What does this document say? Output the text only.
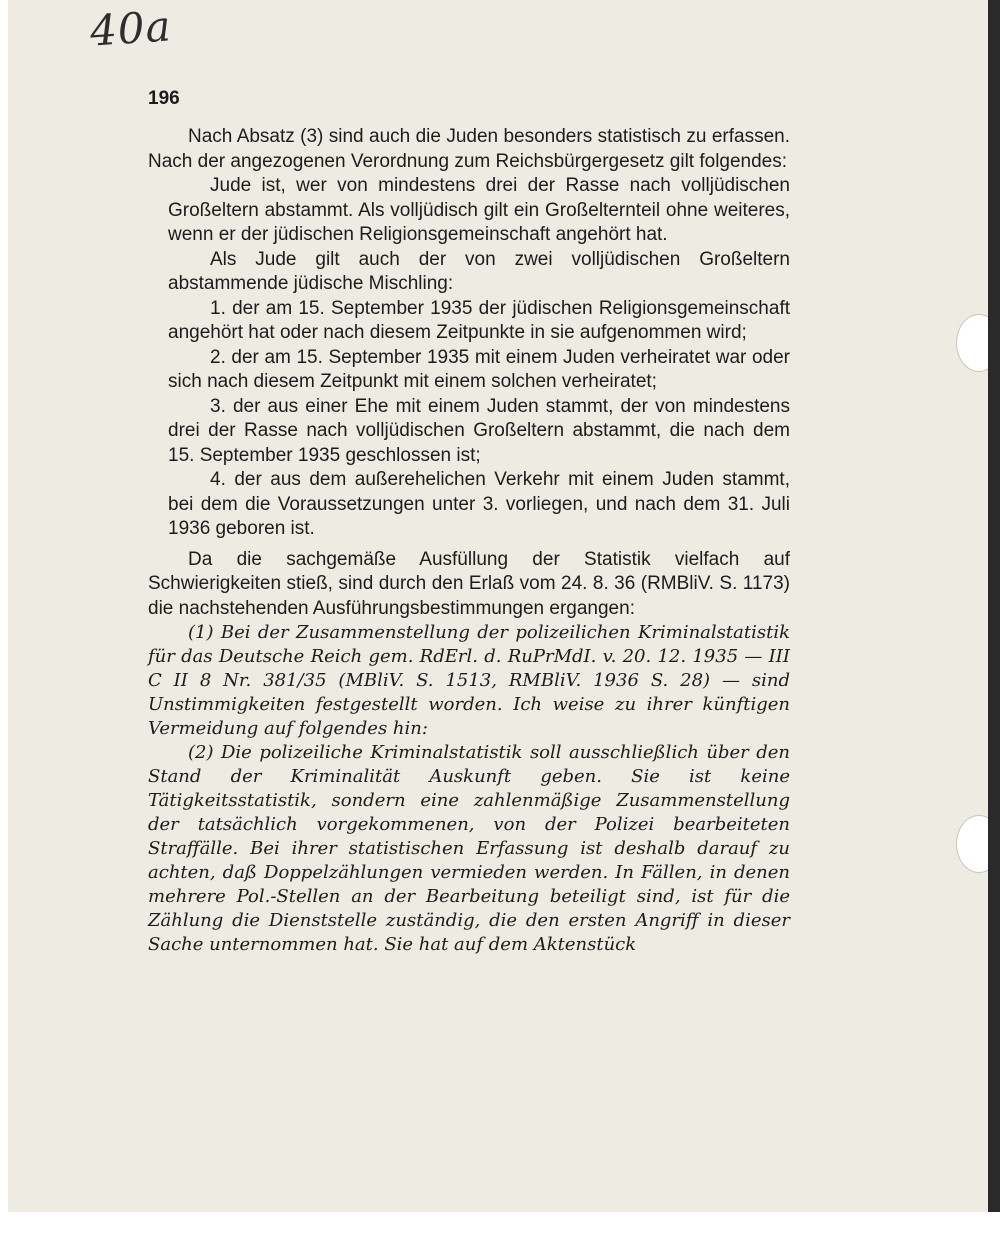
40a
196

Nach Absatz (3) sind auch die Juden besonders statistisch zu erfassen. Nach der angezogenen Verordnung zum Reichsbürgergesetz gilt folgendes:

Jude ist, wer von mindestens drei der Rasse nach volljüdischen Großeltern abstammt. Als volljüdisch gilt ein Großelternteil ohne weiteres, wenn er der jüdischen Religionsgemeinschaft angehört hat.

Als Jude gilt auch der von zwei volljüdischen Großeltern abstammende jüdische Mischling:

1. der am 15. September 1935 der jüdischen Religionsgemeinschaft angehört hat oder nach diesem Zeitpunkte in sie aufgenommen wird;

2. der am 15. September 1935 mit einem Juden verheiratet war oder sich nach diesem Zeitpunkt mit einem solchen verheiratet;

3. der aus einer Ehe mit einem Juden stammt, der von mindestens drei der Rasse nach volljüdischen Großeltern abstammt, die nach dem 15. September 1935 geschlossen ist;

4. der aus dem außerehelichen Verkehr mit einem Juden stammt, bei dem die Voraussetzungen unter 3. vorliegen, und nach dem 31. Juli 1936 geboren ist.

Da die sachgemäße Ausfüllung der Statistik vielfach auf Schwierigkeiten stieß, sind durch den Erlaß vom 24. 8. 36 (RMBliV. S. 1173) die nachstehenden Ausführungsbestimmungen ergangen:

(1) Bei der Zusammenstellung der polizeilichen Kriminalstatistik für das Deutsche Reich gem. RdErl. d. RuPrMdI. v. 20. 12. 1935 — III C II 8 Nr. 381/35 (MBliV. S. 1513, RMBliV. 1936 S. 28) — sind Unstimmigkeiten festgestellt worden. Ich weise zu ihrer künftigen Vermeidung auf folgendes hin:

(2) Die polizeiliche Kriminalstatistik soll ausschließlich über den Stand der Kriminalität Auskunft geben. Sie ist keine Tätigkeitsstatistik, sondern eine zahlenmäßige Zusammenstellung der tatsächlich vorgekommenen, von der Polizei bearbeiteten Straffälle. Bei ihrer statistischen Erfassung ist deshalb darauf zu achten, daß Doppelzählungen vermieden werden. In Fällen, in denen mehrere Pol.-Stellen an der Bearbeitung beteiligt sind, ist für die Zählung die Dienststelle zuständig, die den ersten Angriff in dieser Sache unternommen hat. Sie hat auf dem Aktenstück
